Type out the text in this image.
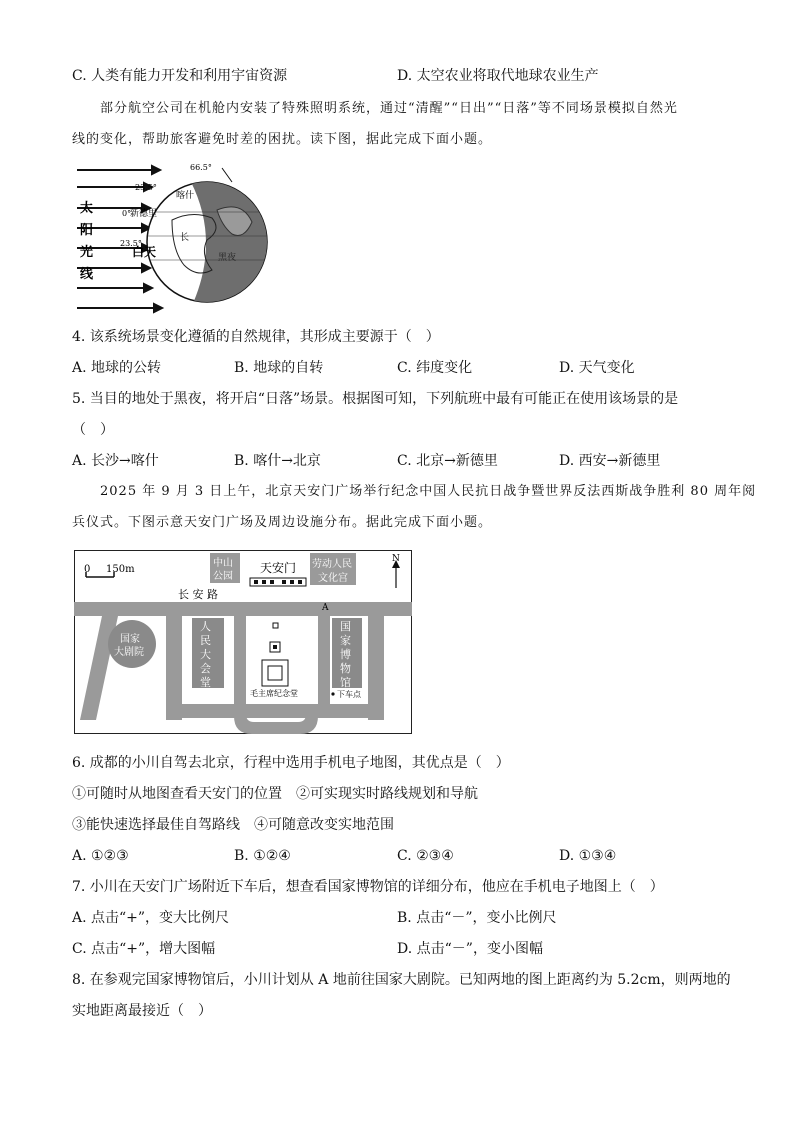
C. 人类有能力开发和利用宇宙资源	D. 太空农业将取代地球农业生产
部分航空公司在机舱内安装了特殊照明系统，通过“清醒”“日出”“日落”等不同场景模拟自然光
线的变化，帮助旅客避免时差的困扰。读下图，据此完成下面小题。
66.5°
23.5°
0°
23.5°
喀什
新德里
长
白天	黑夜
太
阳
光
线
4. 该系统场景变化遵循的自然规律，其形成主要源于（　）
A. 地球的公转	B. 地球的自转	C. 纬度变化	D. 天气变化
5. 当目的地处于黑夜，将开启“日落”场景。根据图可知，下列航班中最有可能正在使用该场景的是
（　）
A. 长沙→喀什	B. 喀什→北京	C. 北京→新德里	D. 西安→新德里
2025 年 9 月 3 日上午，北京天安门广场举行纪念中国人民抗日战争暨世界反法西斯战争胜利 80 周年阅
兵仪式。下图示意天安门广场及周边设施分布。据此完成下面小题。
0 150m
N
中山
公园
天安门 劳动人民
文化宫
长 安 路
A
国家
大剧院
人
民
大
会
堂
国
家
博
物
馆
毛主席纪念堂	下车点
6. 成都的小川自驾去北京，行程中选用手机电子地图，其优点是（　）
①可随时从地图查看天安门的位置　②可实现实时路线规划和导航
③能快速选择最佳自驾路线　④可随意改变实地范围
A. ①②③	B. ①②④	C. ②③④	D. ①③④
7. 小川在天安门广场附近下车后，想查看国家博物馆的详细分布，他应在手机电子地图上（　）
A. 点击“+”，变大比例尺	B. 点击“－”，变小比例尺
C. 点击“+”，增大图幅	D. 点击“－”，变小图幅
8. 在参观完国家博物馆后，小川计划从 A 地前往国家大剧院。已知两地的图上距离约为 5.2cm，则两地的
实地距离最接近（　）
